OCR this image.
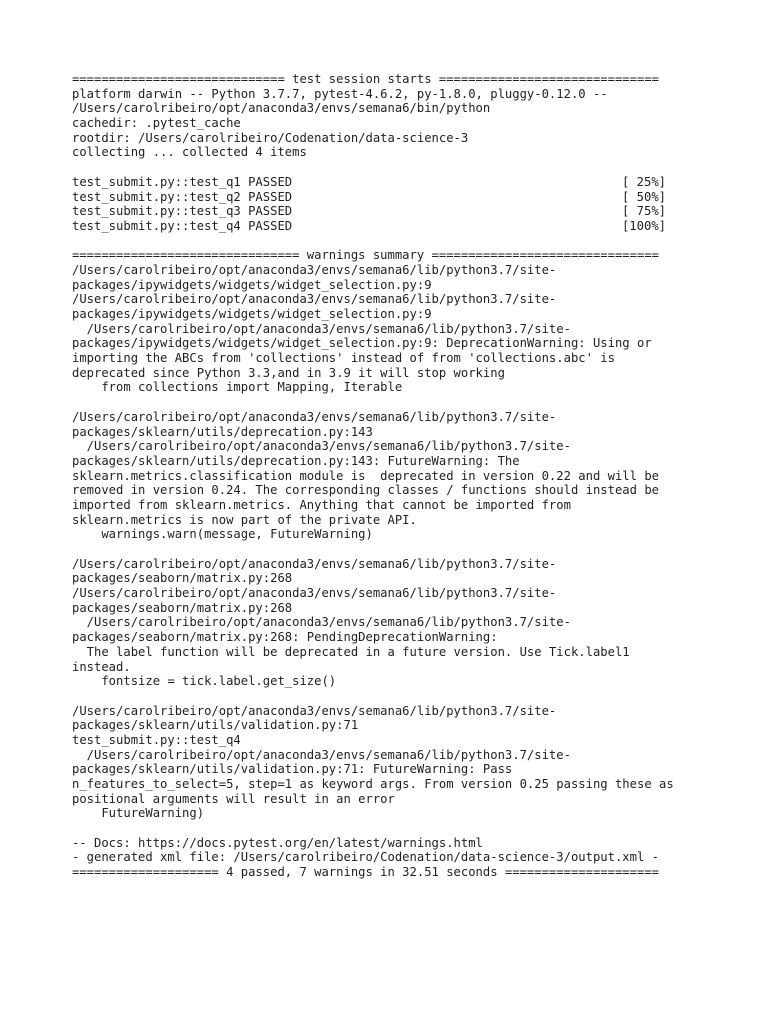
============================= test session starts ==============================
platform darwin -- Python 3.7.7, pytest-4.6.2, py-1.8.0, pluggy-0.12.0 --
/Users/carolribeiro/opt/anaconda3/envs/semana6/bin/python
cachedir: .pytest_cache
rootdir: /Users/carolribeiro/Codenation/data-science-3
collecting ... collected 4 items
test_submit.py::test_q1 PASSED	[ 25%]
test_submit.py::test_q2 PASSED	[ 50%]
test_submit.py::test_q3 PASSED	[ 75%]
test_submit.py::test_q4 PASSED	[100%]
=============================== warnings summary ===============================
/Users/carolribeiro/opt/anaconda3/envs/semana6/lib/python3.7/site-
packages/ipywidgets/widgets/widget_selection.py:9
/Users/carolribeiro/opt/anaconda3/envs/semana6/lib/python3.7/site-
packages/ipywidgets/widgets/widget_selection.py:9
/Users/carolribeiro/opt/anaconda3/envs/semana6/lib/python3.7/site-
packages/ipywidgets/widgets/widget_selection.py:9: DeprecationWarning: Using or
importing the ABCs from 'collections' instead of from 'collections.abc' is
deprecated since Python 3.3,and in 3.9 it will stop working
from collections import Mapping, Iterable
/Users/carolribeiro/opt/anaconda3/envs/semana6/lib/python3.7/site-
packages/sklearn/utils/deprecation.py:143
/Users/carolribeiro/opt/anaconda3/envs/semana6/lib/python3.7/site-
packages/sklearn/utils/deprecation.py:143: FutureWarning: The
sklearn.metrics.classification module is  deprecated in version 0.22 and will be
removed in version 0.24. The corresponding classes / functions should instead be
imported from sklearn.metrics. Anything that cannot be imported from
sklearn.metrics is now part of the private API.
warnings.warn(message, FutureWarning)
/Users/carolribeiro/opt/anaconda3/envs/semana6/lib/python3.7/site-
packages/seaborn/matrix.py:268
/Users/carolribeiro/opt/anaconda3/envs/semana6/lib/python3.7/site-
packages/seaborn/matrix.py:268
/Users/carolribeiro/opt/anaconda3/envs/semana6/lib/python3.7/site-
packages/seaborn/matrix.py:268: PendingDeprecationWarning:
The label function will be deprecated in a future version. Use Tick.label1
instead.
fontsize = tick.label.get_size()
/Users/carolribeiro/opt/anaconda3/envs/semana6/lib/python3.7/site-
packages/sklearn/utils/validation.py:71
test_submit.py::test_q4
/Users/carolribeiro/opt/anaconda3/envs/semana6/lib/python3.7/site-
packages/sklearn/utils/validation.py:71: FutureWarning: Pass
n_features_to_select=5, step=1 as keyword args. From version 0.25 passing these as
positional arguments will result in an error
FutureWarning)
-- Docs: https://docs.pytest.org/en/latest/warnings.html
- generated xml file: /Users/carolribeiro/Codenation/data-science-3/output.xml -
==================== 4 passed, 7 warnings in 32.51 seconds =====================
